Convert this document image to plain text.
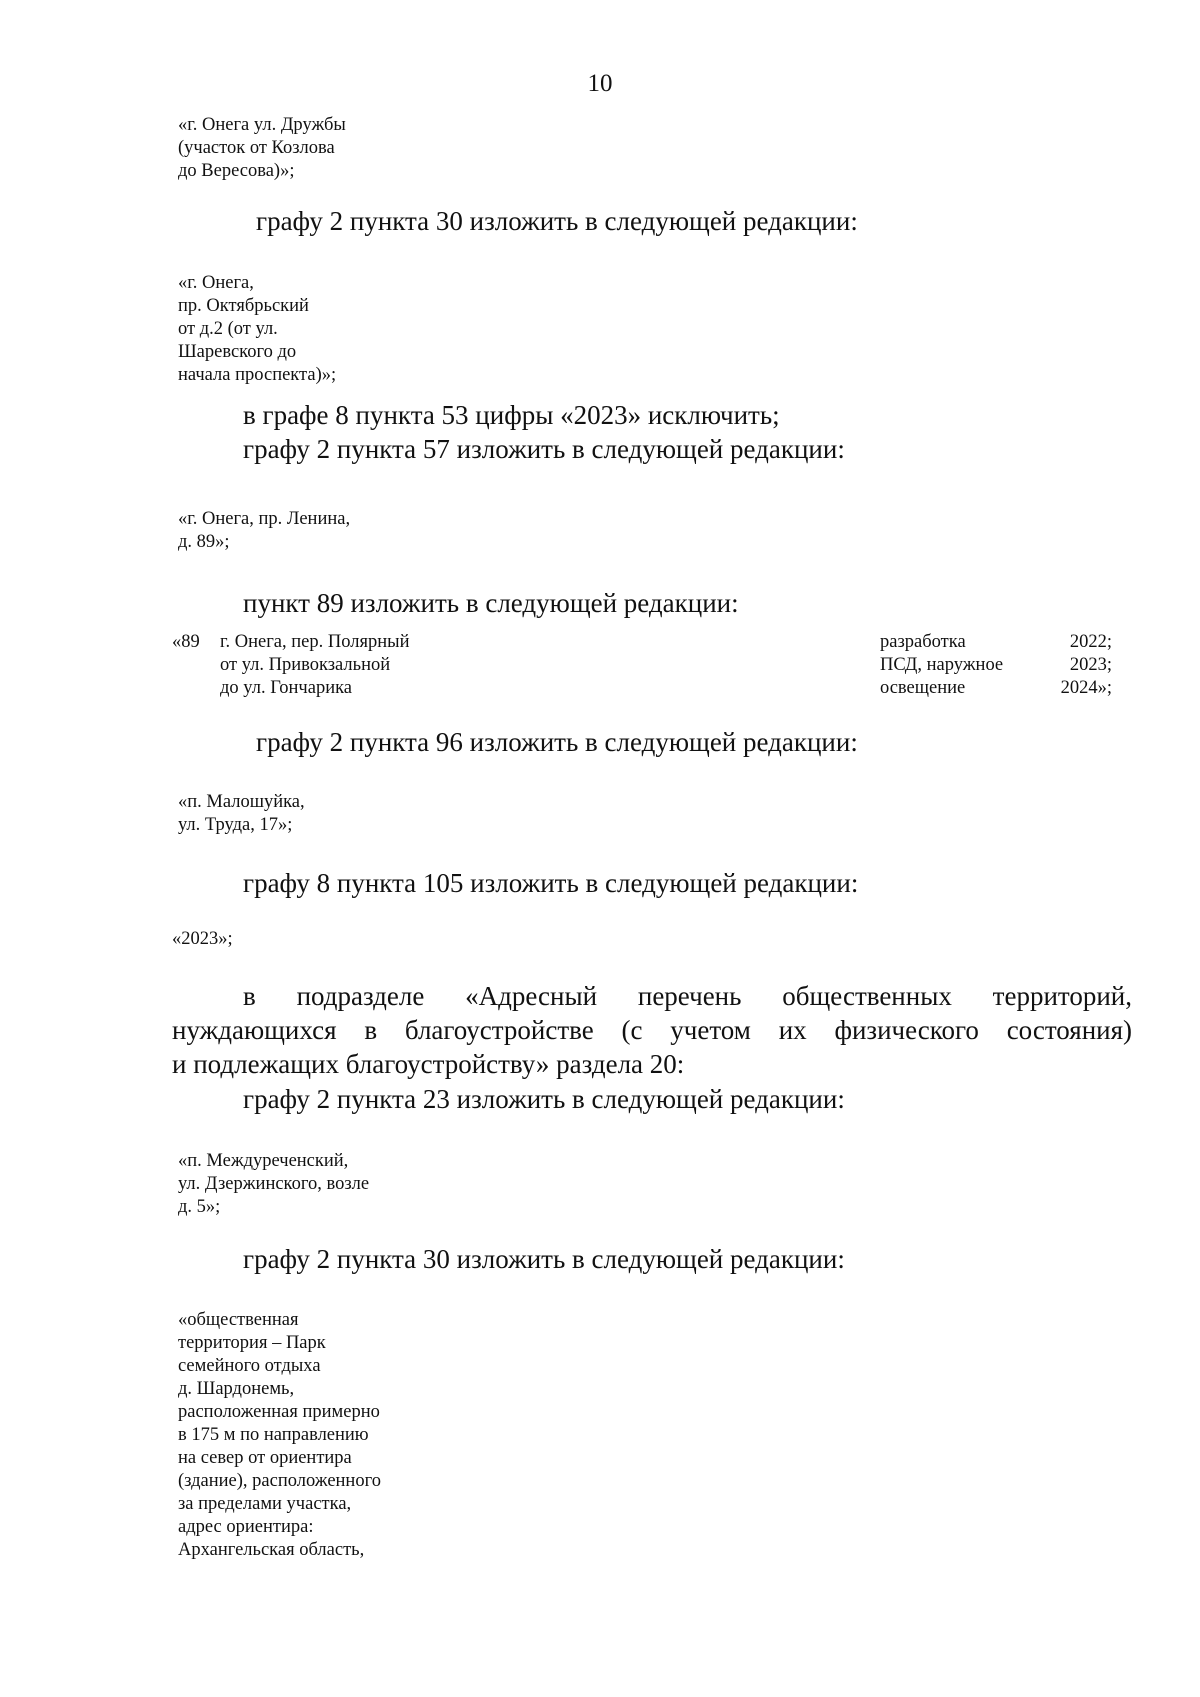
10
«г. Онега ул. Дружбы
(участок от Козлова
до Вересова)»;
графу 2 пункта 30 изложить в следующей редакции:
«г. Онега,
пр. Октябрьский
от д.2 (от ул.
Шаревского до
начала проспекта)»;
в графе 8 пункта 53 цифры «2023» исключить;
графу 2 пункта 57 изложить в следующей редакции:
«г. Онега, пр. Ленина,
д. 89»;
пункт 89 изложить в следующей редакции:
«89 г. Онега, пер. Полярный
от ул. Привокзальной
до ул. Гончарика
разработка
ПСД, наружное
освещение
2022;
2023;
2024»;
графу 2 пункта 96 изложить в следующей редакции:
«п. Малошуйка,
ул. Труда, 17»;
графу 8 пункта 105 изложить в следующей редакции:
«2023»;
в подразделе «Адресный перечень общественных территорий,
нуждающихся в благоустройстве (с учетом их физического состояния)
и подлежащих благоустройству» раздела 20:
графу 2 пункта 23 изложить в следующей редакции:
«п. Междуреченский,
ул. Дзержинского, возле
д. 5»;
графу 2 пункта 30 изложить в следующей редакции:
«общественная
территория – Парк
семейного отдыха
д. Шардонемь,
расположенная примерно
в 175 м по направлению
на север от ориентира
(здание), расположенного
за пределами участка,
адрес ориентира:
Архангельская область,
